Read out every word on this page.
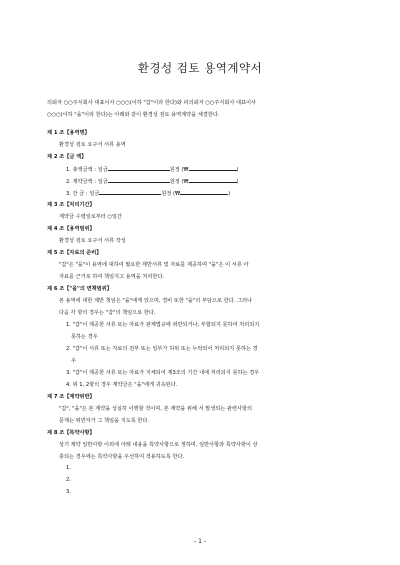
환경성 검토 용역계약서
의뢰자 ○○주식회사 대표이사 ○○○(이하 "갑"이라 한다)와 피의뢰자 ○○주식회사 대표이사
○○○(이하 "을"이라 한다)는 아래와 같이 환경성 검토 용역계약을 체결한다.
제 1 조【용역명】
환경성 검토 요구서 서류 용역
제 2 조【금 액】
1. 총액금액 : 일금	원정 (₩	)
2. 계약금액 : 일금	원정 (₩	)
3. 잔 금 : 일금	원정 (₩	)
제 3 조【처리기간】
계약금 수령일로부터 ○일간
제 4 조【용역범위】
환경성 검토 요구서 서류 작성
제 5 조【자료의 준비】
"갑"은 "을"이 용역에 대하여 필요한 제반서류 및 자료를 제공하며 "을"은 이 서류 아
자료를 근거로 하여 책임지고 용역을 처리한다.
제 6 조【"을"의 면책범위】
본 용역에 대한 제반 책임은 "을"에게 있으며, 경비 또한 "을"의 부담으로 한다. 그러나
다음 각 항의 경우는 "갑"의 책임으로 한다.
1. "갑"이 제공한 서류 또는 자료가 관계법규에 위반되거나, 부합되지 못하여 처리되지
못하는 경우
2. "갑"이 서류 또는 자료의 전부 또는 일부가 허위 또는 누락되어 처리되지 못하는 경
우
3. "갑"이 제공한 서류 또는 자료가 지체되어 제3조의 기간 내에 처리되지 못하는 경우
4. 위 1, 2항의 경우 계약금은 "을"에게 귀속된다.
제 7 조【계약위반】
"갑", "을"은 본 계약을 성실히 이행할 것이며, 본 계약을 위해 서 발생되는 관련사항의
문제는 위반자가 그 책임을 지도록 한다.
제 8 조【특약사항】
상기 계약 일반사항 이외에 아래 내용을 특약사항으로 정하며, 일반사항과 특약사항이 상
충되는 경우에는 특약사항을 우선하여 적용하도록 한다.
1.
2.
3.
- 1 -
